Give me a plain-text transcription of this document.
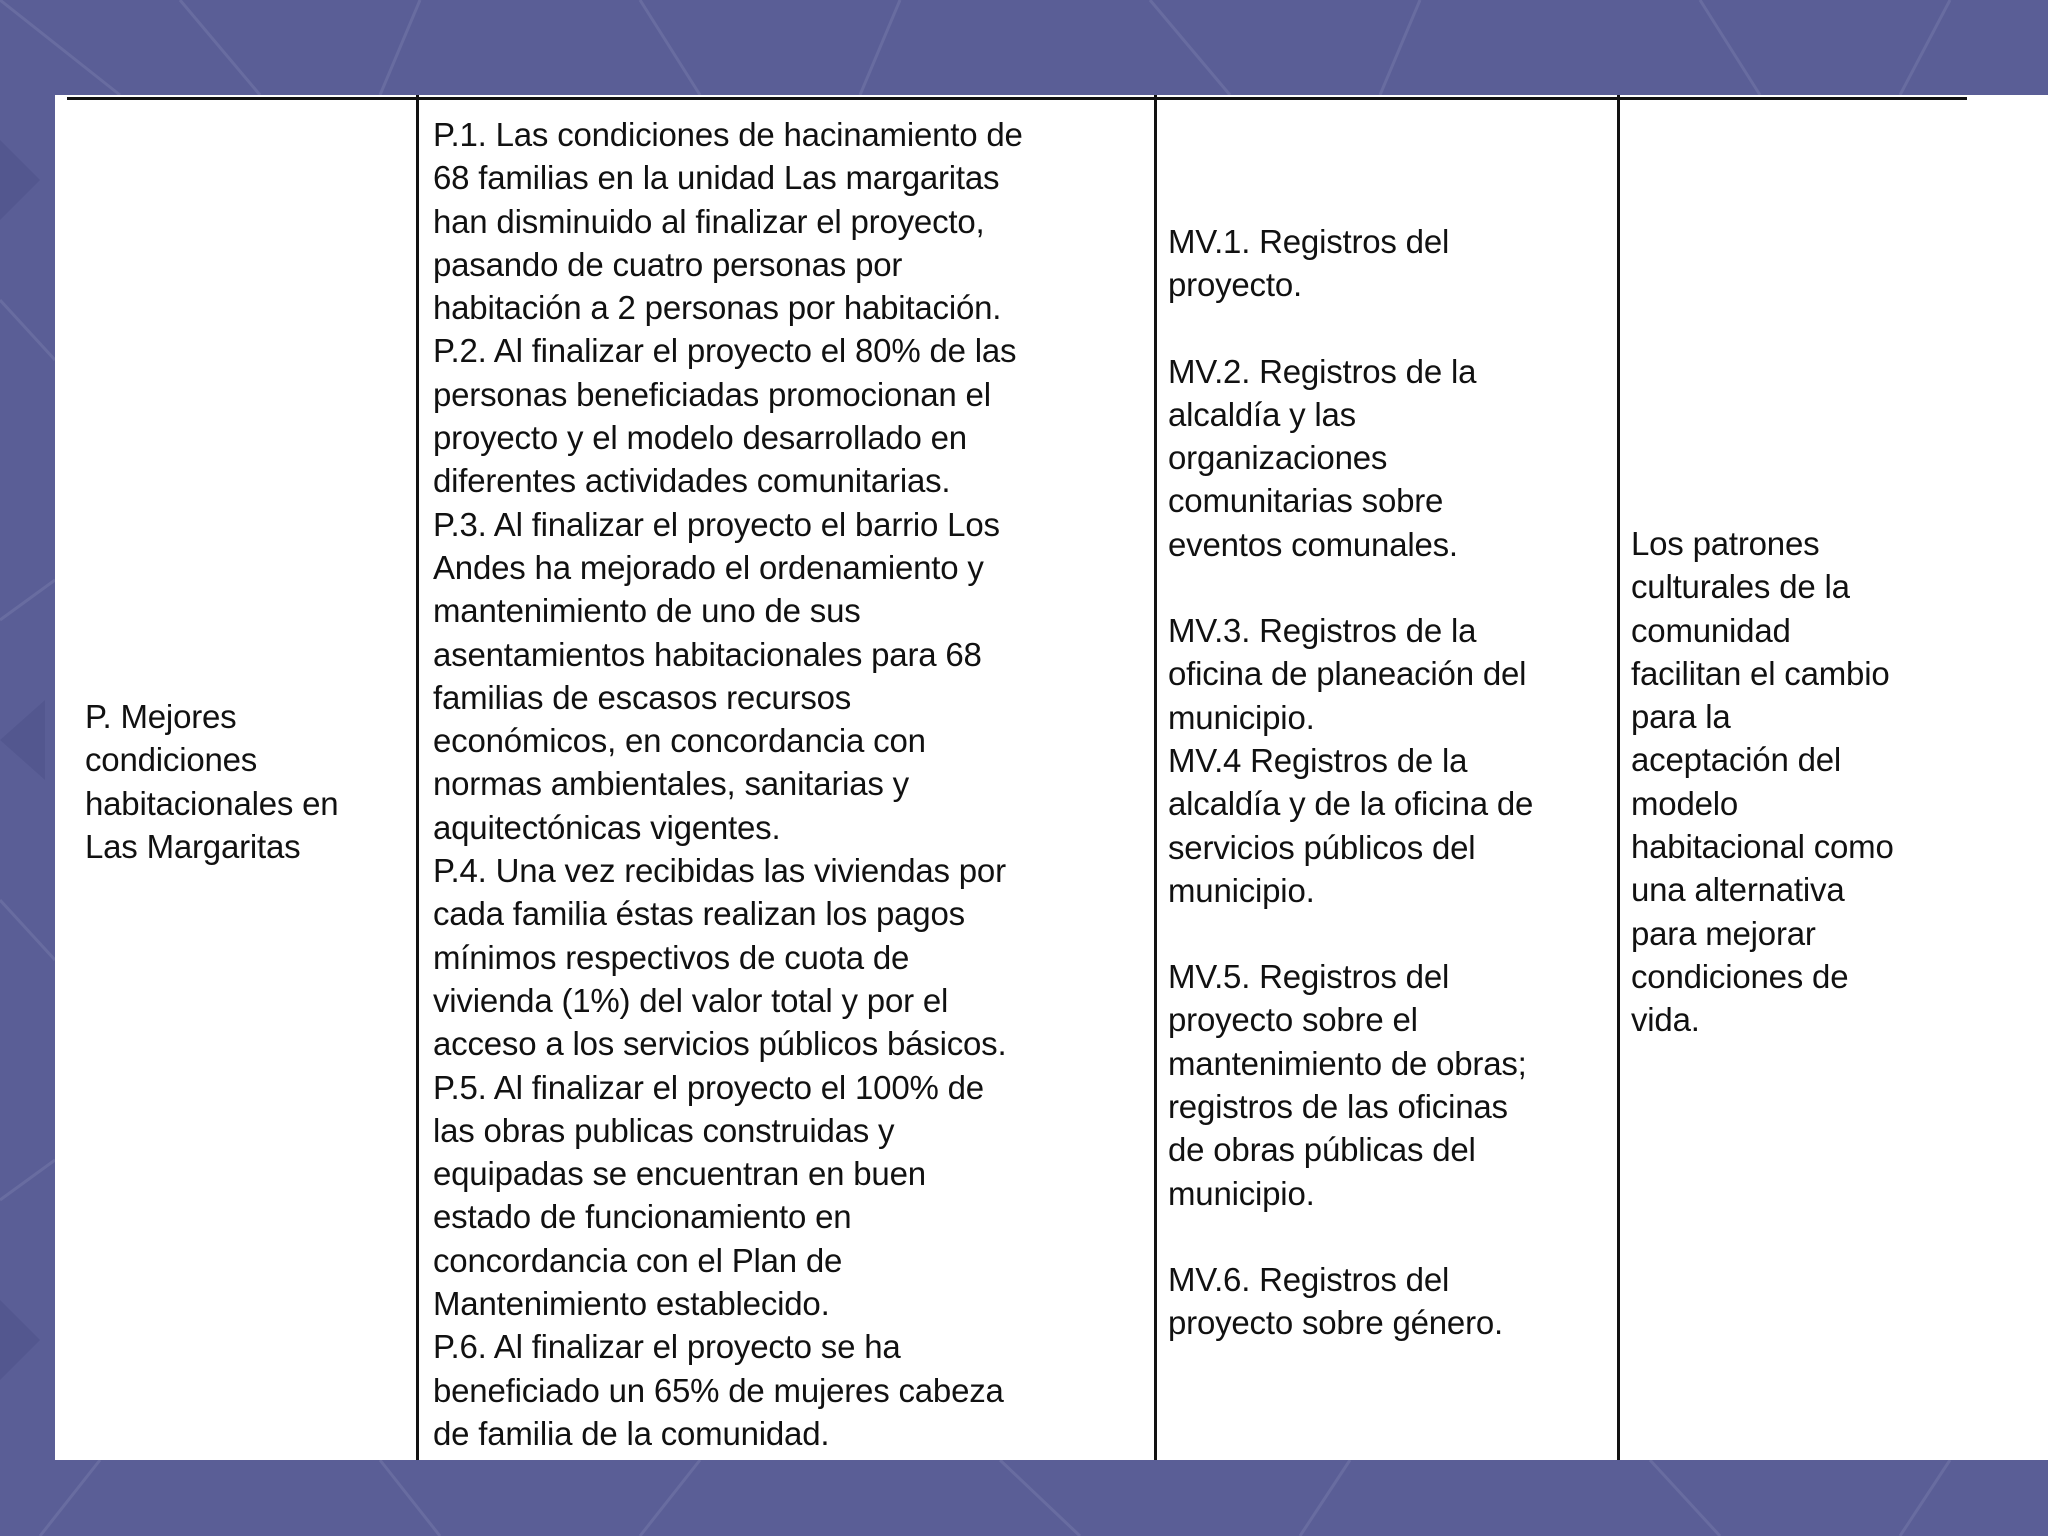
P. Mejores
condiciones
habitacionales en
Las Margaritas
P.1. Las condiciones de hacinamiento de
68 familias en la unidad Las margaritas
han disminuido al finalizar el proyecto,
pasando de cuatro personas por
habitación a 2 personas por habitación.
P.2. Al finalizar el proyecto el 80% de las
personas beneficiadas promocionan el
proyecto y el modelo desarrollado en
diferentes actividades comunitarias.
P.3. Al finalizar el proyecto el barrio Los
Andes ha mejorado el ordenamiento y
mantenimiento de uno de sus
asentamientos habitacionales para 68
familias de escasos recursos
económicos, en concordancia con
normas ambientales, sanitarias y
aquitectónicas vigentes.
P.4. Una vez recibidas las viviendas por
cada familia éstas realizan los pagos
mínimos respectivos de cuota de
vivienda (1%) del valor total y por el
acceso a los servicios públicos básicos.
P.5. Al finalizar el proyecto el 100% de
las obras publicas construidas y
equipadas se encuentran en buen
estado de funcionamiento en
concordancia con el Plan de
Mantenimiento establecido.
P.6. Al finalizar el proyecto se ha
beneficiado un 65% de mujeres cabeza
de familia de la comunidad.
MV.1. Registros del
proyecto.
MV.2. Registros de la
alcaldía y las
organizaciones
comunitarias sobre
eventos comunales.
MV.3. Registros de la
oficina de planeación del
municipio.
MV.4 Registros de la
alcaldía y de la oficina de
servicios públicos del
municipio.
MV.5. Registros del
proyecto sobre el
mantenimiento de obras;
registros de las oficinas
de obras públicas del
municipio.
MV.6. Registros del
proyecto sobre género.
Los patrones
culturales de la
comunidad
facilitan el cambio
para la
aceptación del
modelo
habitacional como
una alternativa
para mejorar
condiciones de
vida.
